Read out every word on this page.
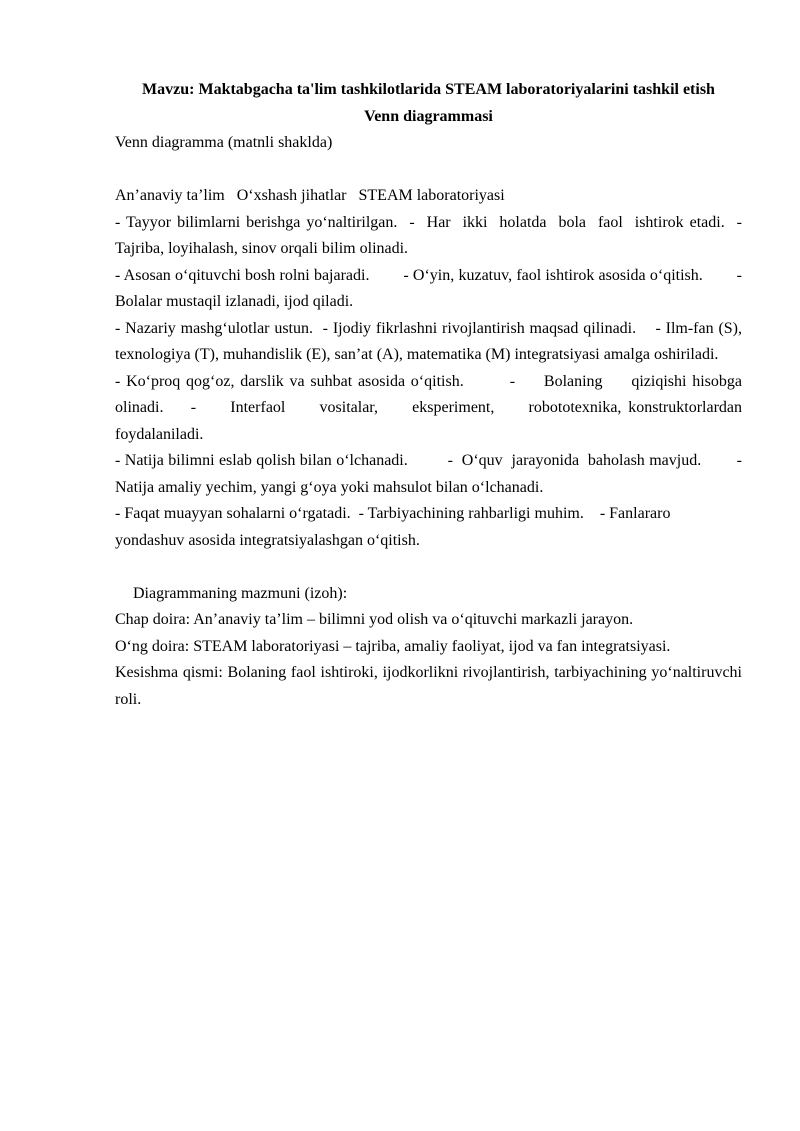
Mavzu: Maktabgacha ta'lim tashkilotlarida STEAM laboratoriyalarini tashkil etish

Venn diagrammasi

Venn diagramma (matnli shaklda)

An’anaviy ta’lim   O‘xshash jihatlar   STEAM laboratoriyasi

- Tayyor bilimlarni berishga yo‘naltirilgan.  -  Har  ikki  holatda  bola  faol  ishtirok etadi.  - Tajriba, loyihalash, sinov orqali bilim olinadi.

- Asosan o‘qituvchi bosh rolni bajaradi.        - O‘yin, kuzatuv, faol ishtirok asosida o‘qitish.        - Bolalar mustaqil izlanadi, ijod qiladi.

- Nazariy mashg‘ulotlar ustun.  - Ijodiy fikrlashni rivojlantirish maqsad qilinadi.    - Ilm-fan (S), texnologiya (T), muhandislik (E), san’at (A), matematika (M) integratsiyasi amalga oshiriladi.

- Ko‘proq qog‘oz, darslik va suhbat asosida o‘qitish.        -     Bolaning     qiziqishi hisobga olinadi.    -     Interfaol     vositalar,     eksperiment,     robototexnika, konstruktorlardan foydalaniladi.

- Natija bilimni eslab qolish bilan o‘lchanadi.         -  O‘quv  jarayonida  baholash mavjud.        - Natija amaliy yechim, yangi g‘oya yoki mahsulot bilan o‘lchanadi.

- Faqat muayyan sohalarni o‘rgatadi.  - Tarbiyachining rahbarligi muhim.    - Fanlararo yondashuv asosida integratsiyalashgan o‘qitish.

Diagrammaning mazmuni (izoh):

Chap doira: An’anaviy ta’lim – bilimni yod olish va o‘qituvchi markazli jarayon.

O‘ng doira: STEAM laboratoriyasi – tajriba, amaliy faoliyat, ijod va fan integratsiyasi.

Kesishma qismi: Bolaning faol ishtiroki, ijodkorlikni rivojlantirish, tarbiyachining yo‘naltiruvchi roli.
